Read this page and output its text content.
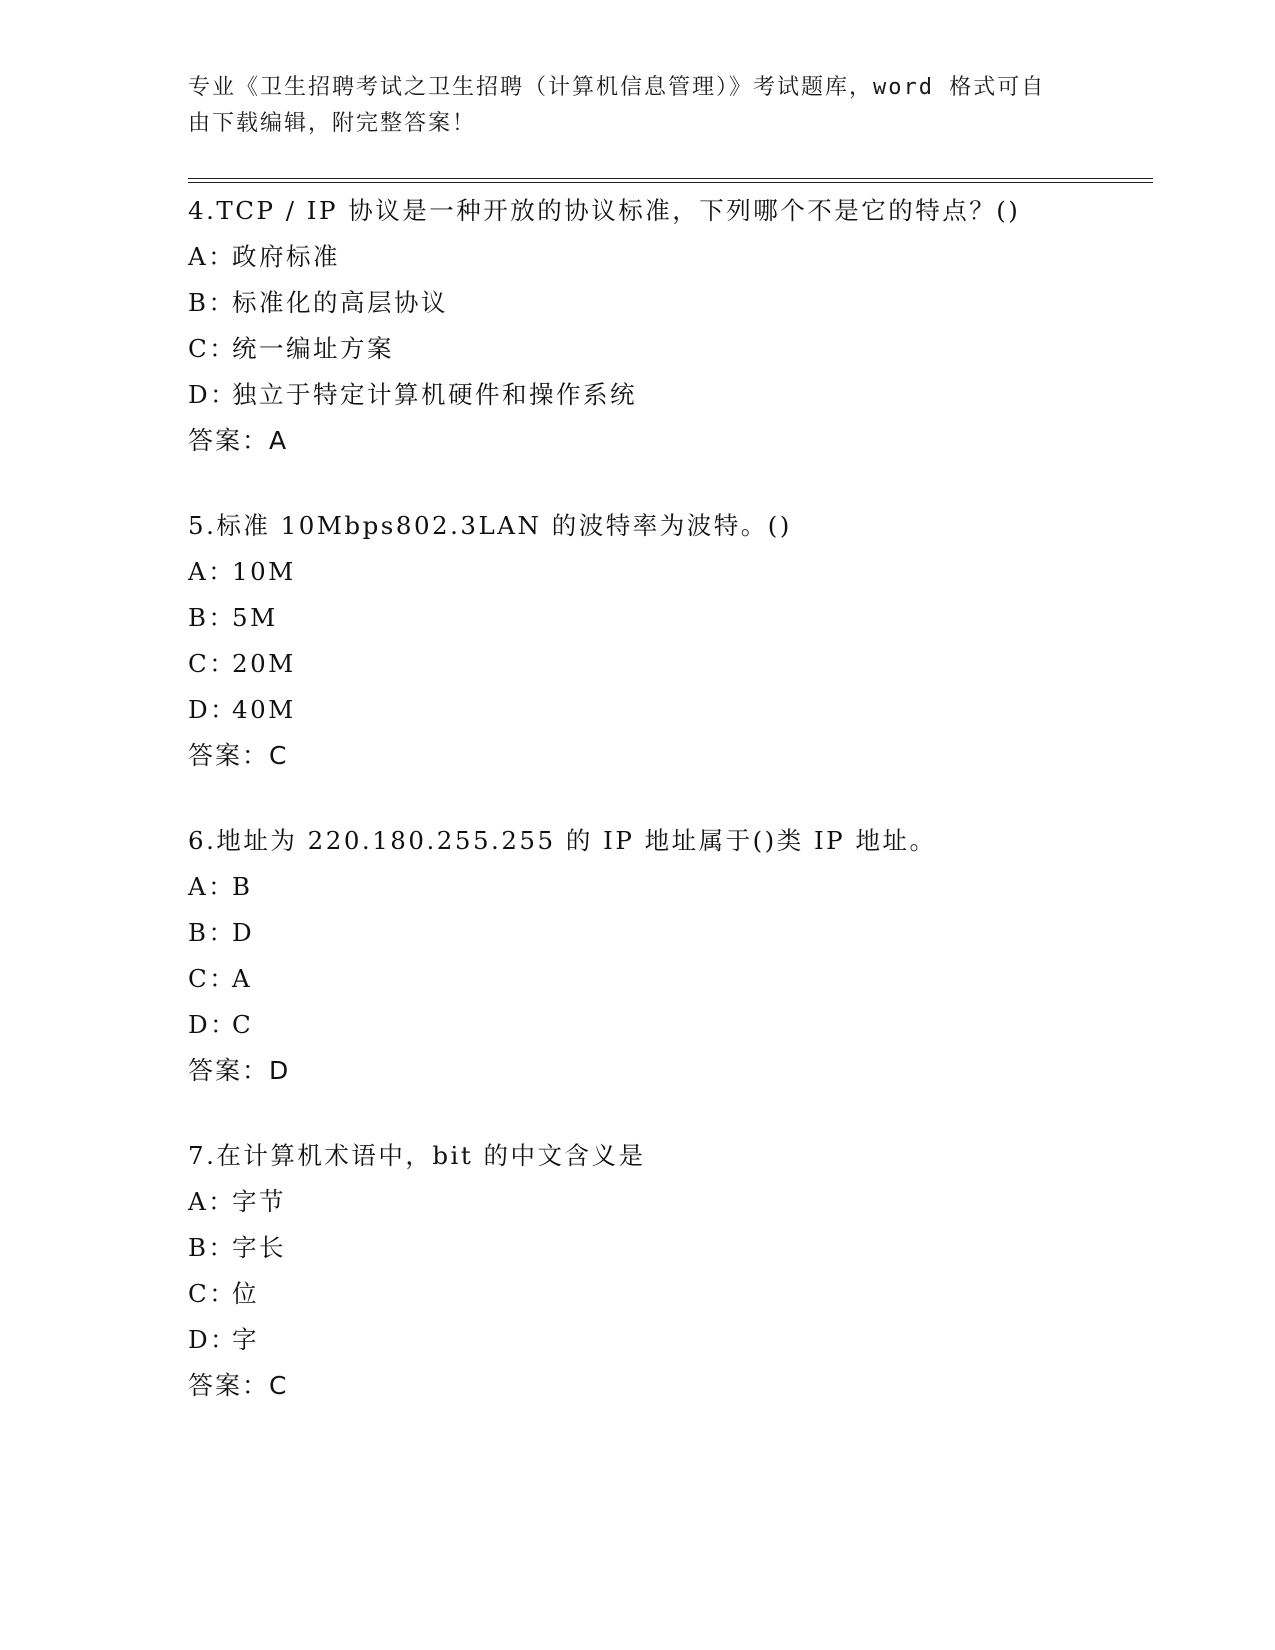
专业《卫生招聘考试之卫生招聘（计算机信息管理）》考试题库，word 格式可自由下载编辑，附完整答案！
4.TCP / IP 协议是一种开放的协议标准，下列哪个不是它的特点？()
A：政府标准
B：标准化的高层协议
C：统一编址方案
D：独立于特定计算机硬件和操作系统
答案：A
5.标准 10Mbps802.3LAN 的波特率为波特。()
A：10M
B：5M
C：20M
D：40M
答案：C
6.地址为 220.180.255.255 的 IP 地址属于()类 IP 地址。
A：B
B：D
C：A
D：C
答案：D
7.在计算机术语中，bit 的中文含义是
A：字节
B：字长
C：位
D：字
答案：C
